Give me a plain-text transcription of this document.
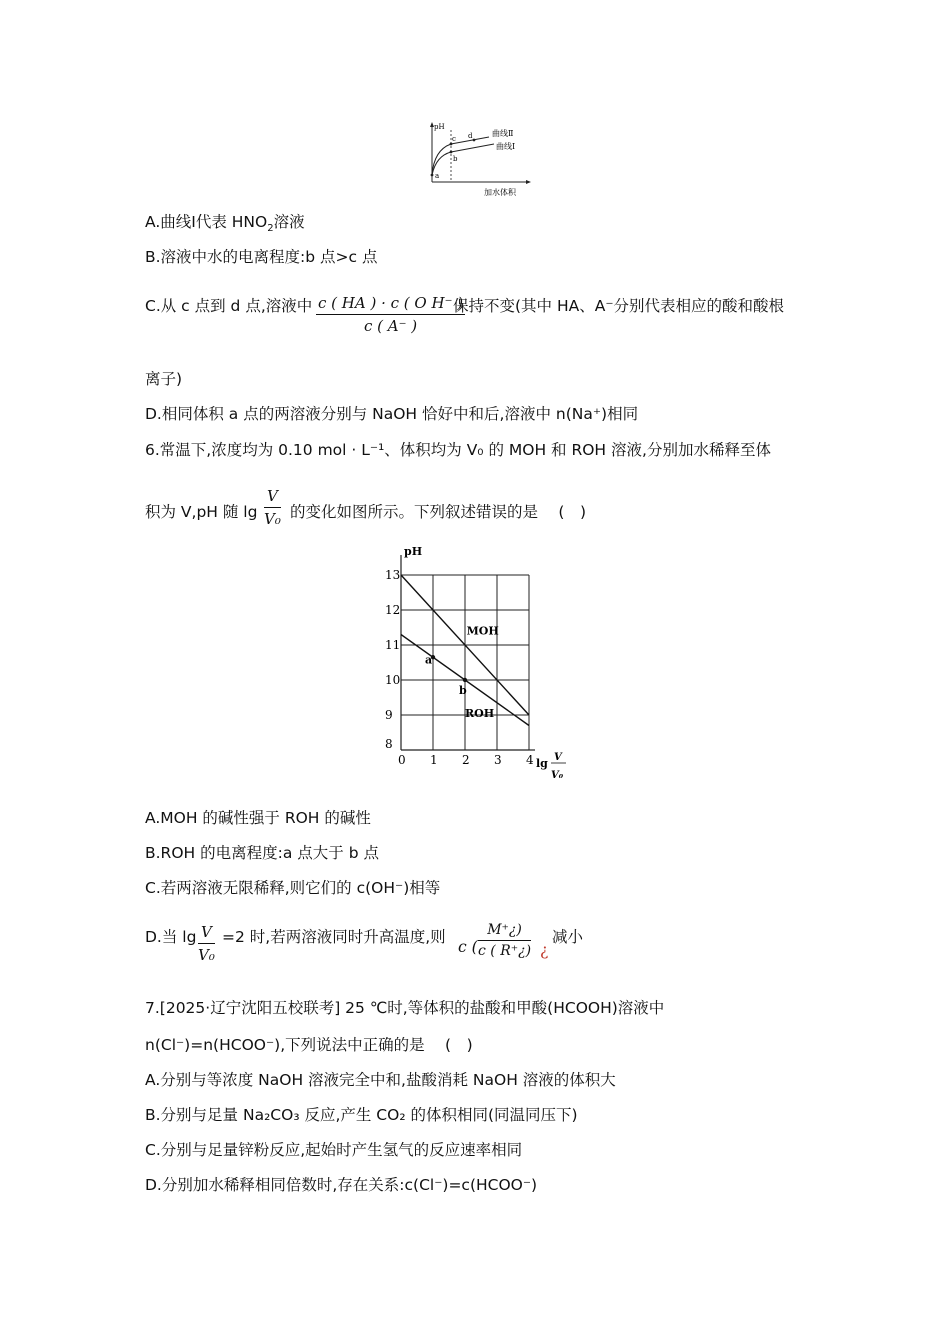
pH
加水体积
曲线Ⅱ
曲线Ⅰ
a
b
c d
A.曲线Ⅰ代表 $HNO_2$溶液
B.溶液中水的电离程度:b 点>c 点
C.从 c 点到 d 点,溶液中 $\frac{\text{c ( HA ) · c ( O H⁻ )}}{c ( A^- )}$
保持不变(其中 HA、A⁻分别代表相应的酸和酸根
离子)
D.相同体积 a 点的两溶液分别与 NaOH 恰好中和后,溶液中 n(Na⁺)相同
6.常温下,浓度均为 0.10 mol · L⁻¹、体积均为 V₀ 的 MOH 和 ROH 溶液,分别加水稀释至体
积为 V,pH 随 $\lg \frac{V}{\text{V₀}}$ 的变化如图所示。下列叙述错误的是　 (　)
0 1 2 3 4
8
9
10
11
12
13
MOH
ROH
a
b
pH
lg V
V₀
A.MOH 的碱性强于 ROH 的碱性
B.ROH 的电离程度:a 点大于 b 点
C.若两溶液无限稀释,则它们的 c(OH⁻)相等
D.当 $\lg \frac{V}{\text{V₀}} =2$ 时,若两溶液同时升高温度,则
c ( $\frac{M^+¿)}{c ( R^+¿)}$ ¿
减小
7.[2025·辽宁沈阳五校联考] 25 ℃时,等体积的盐酸和甲酸(HCOOH)溶液中
n(Cl⁻)=n(HCOO⁻),下列说法中正确的是　 (　)
A.分别与等浓度 NaOH 溶液完全中和,盐酸消耗 NaOH 溶液的体积大
B.分别与足量 Na₂CO₃ 反应,产生 CO₂ 的体积相同(同温同压下)
C.分别与足量锌粉反应,起始时产生氢气的反应速率相同
D.分别加水稀释相同倍数时,存在关系:c(Cl⁻)=c(HCOO⁻)
